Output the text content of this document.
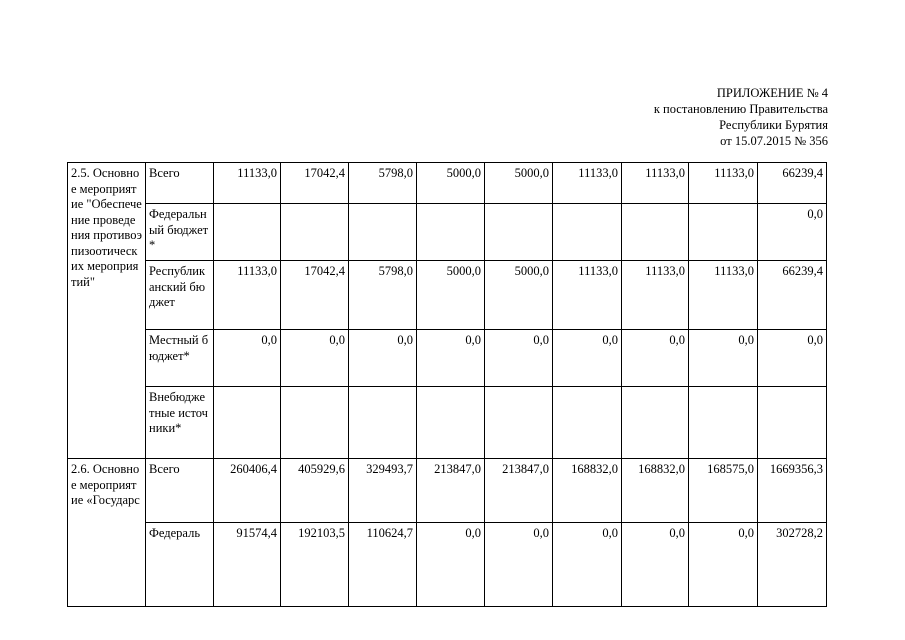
ПРИЛОЖЕНИЕ № 4
к постановлению Правительства
Республики Бурятия
от 15.07.2015 № 356
2.5. Основное мероприятие "Обеспечение проведения противоэпизоотических мероприятий"	Всего	11133,0	17042,4	5798,0	5000,0	5000,0	11133,0	11133,0	11133,0	66239,4
	Федеральный бюджет *									0,0
	Республиканский бюджет	11133,0	17042,4	5798,0	5000,0	5000,0	11133,0	11133,0	11133,0	66239,4
	Местный бюджет*	0,0	0,0	0,0	0,0	0,0	0,0	0,0	0,0	0,0
	Внебюджетные источники*									
2.6. Основное мероприятие «Государс	Всего	260406,4	405929,6	329493,7	213847,0	213847,0	168832,0	168832,0	168575,0	1669356,3
	Федераль	91574,4	192103,5	110624,7	0,0	0,0	0,0	0,0	0,0	302728,2
